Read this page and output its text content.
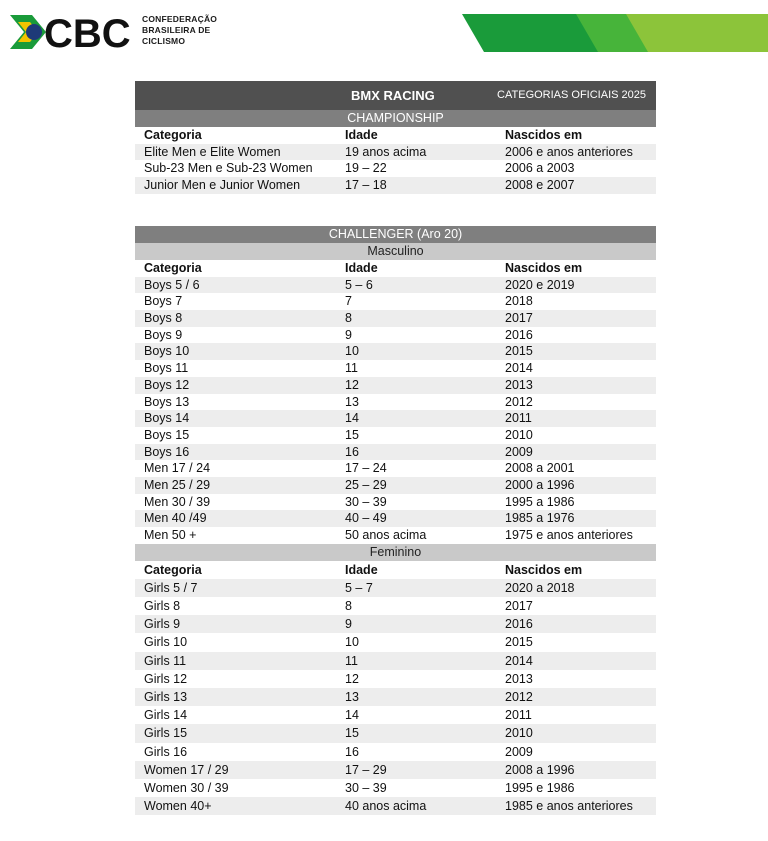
CBC CONFEDERAÇÃO
BRASILEIRA DE
CICLISMO
BMX RACING	CATEGORIAS OFICIAIS 2025
CHAMPIONSHIP
Categoria	Idade	Nascidos em
Elite Men e Elite Women	19 anos acima	2006 e anos anteriores
Sub-23 Men e Sub-23 Women	19 – 22	2006 a 2003
Junior Men e Junior Women	17 – 18	2008 e 2007
CHALLENGER (Aro 20)
Masculino
Categoria	Idade	Nascidos em
Boys 5 / 6	5 – 6	2020 e 2019
Boys 7	7	2018
Boys 8	8	2017
Boys 9	9	2016
Boys 10	10	2015
Boys 11	11	2014
Boys 12	12	2013
Boys 13	13	2012
Boys 14	14	2011
Boys 15	15	2010
Boys 16	16	2009
Men 17 / 24	17 – 24	2008 a 2001
Men 25 / 29	25 – 29	2000 a 1996
Men 30 / 39	30 – 39	1995 a 1986
Men 40 /49	40 – 49	1985 a 1976
Men 50 +	50 anos acima	1975 e anos anteriores
Feminino
Categoria	Idade	Nascidos em
Girls 5 / 7	5 – 7	2020 a 2018
Girls 8	8	2017
Girls 9	9	2016
Girls 10	10	2015
Girls 11	11	2014
Girls 12	12	2013
Girls 13	13	2012
Girls 14	14	2011
Girls 15	15	2010
Girls 16	16	2009
Women 17 / 29	17 – 29	2008 a 1996
Women 30 / 39	30 – 39	1995 e 1986
Women 40+	40 anos acima	1985 e anos anteriores
